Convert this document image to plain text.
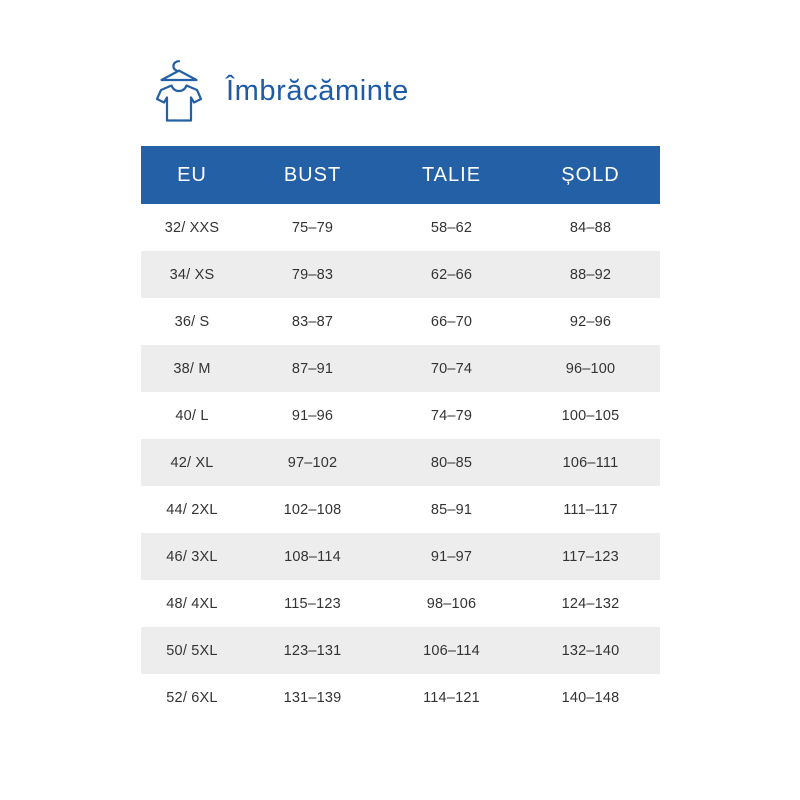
Îmbrăcăminte
EU	BUST	TALIE	ȘOLD
32/ XXS	75–79	58–62	84–88
34/ XS	79–83	62–66	88–92
36/ S	83–87	66–70	92–96
38/ M	87–91	70–74	96–100
40/ L	91–96	74–79	100–105
42/ XL	97–102	80–85	106–111
44/ 2XL	102–108	85–91	111–117
46/ 3XL	108–114	91–97	117–123
48/ 4XL	115–123	98–106	124–132
50/ 5XL	123–131	106–114	132–140
52/ 6XL	131–139	114–121	140–148
